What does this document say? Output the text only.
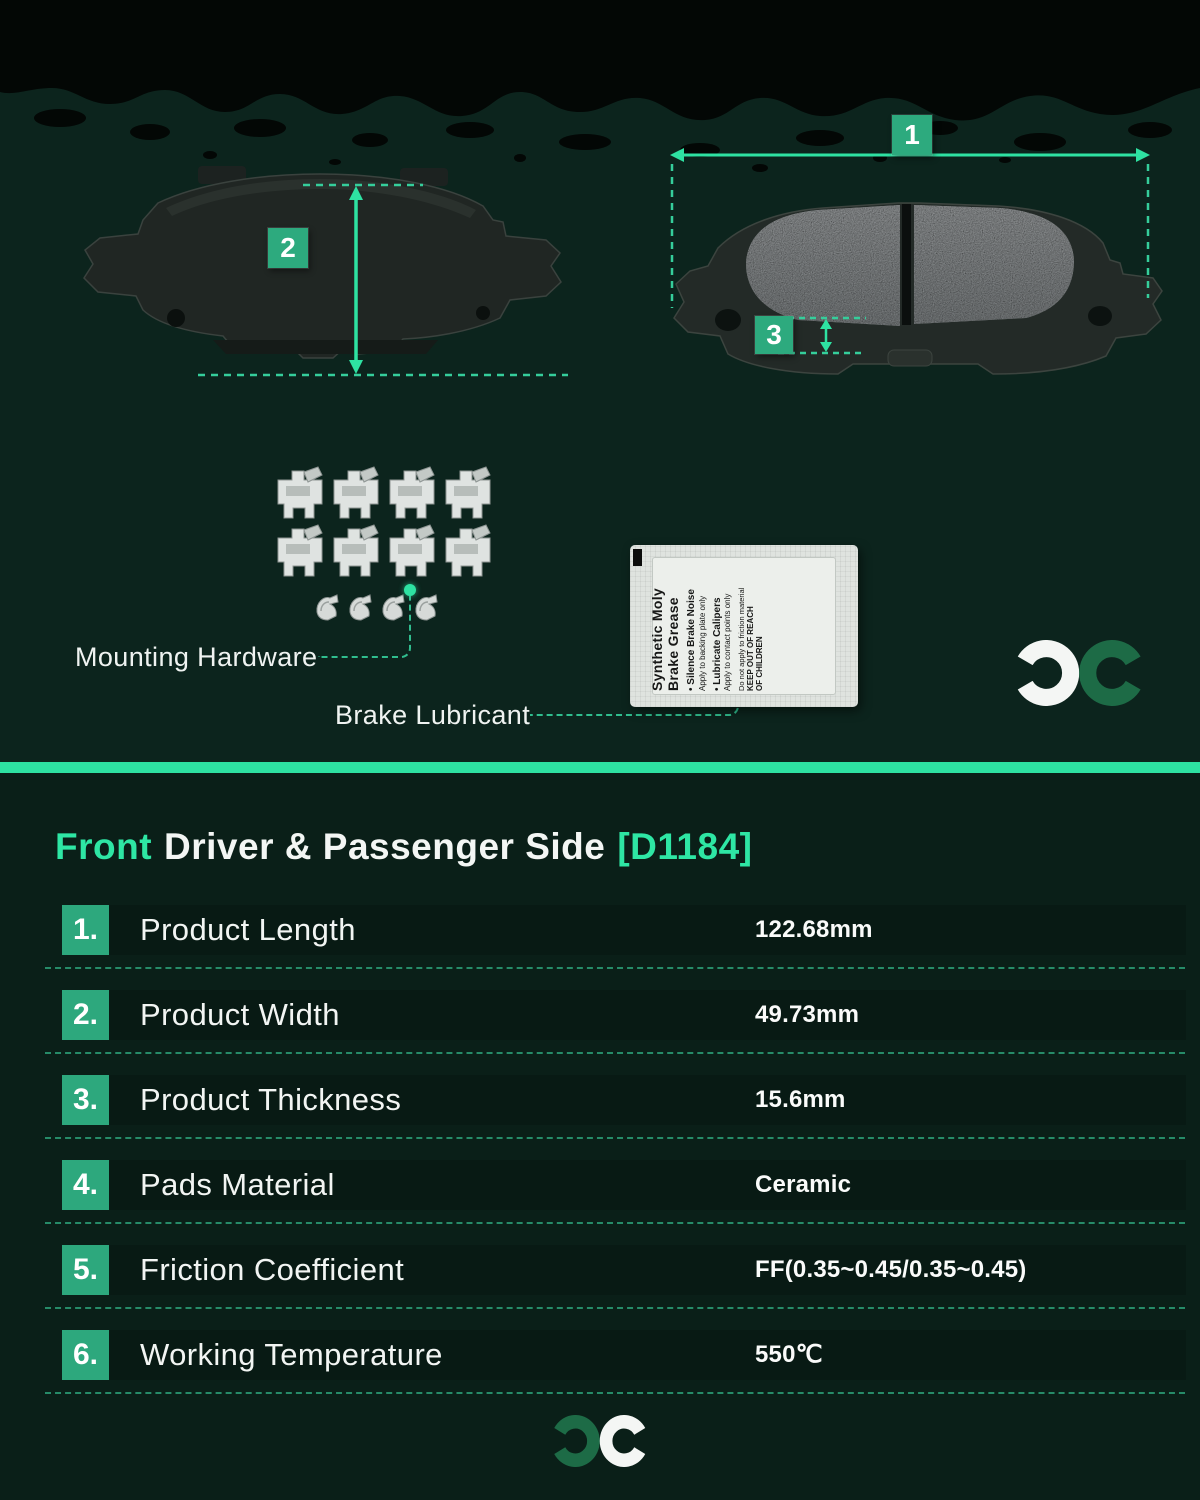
2
1
3
Mounting Hardware
Brake Lubricant
Synthetic Moly Brake Grease • Silence Brake Noise Apply to backing plate only • Lubricate Calipers Apply to contact points only Do not apply to friction material KEEP OUT OF REACH OF CHILDREN
Front Driver & Passenger Side [D1184]
1. Product Length	122.68mm
2. Product Width	49.73mm
3. Product Thickness	15.6mm
4. Pads Material	Ceramic
5. Friction Coefficient	FF(0.35~0.45/0.35~0.45)
6. Working Temperature	550℃
